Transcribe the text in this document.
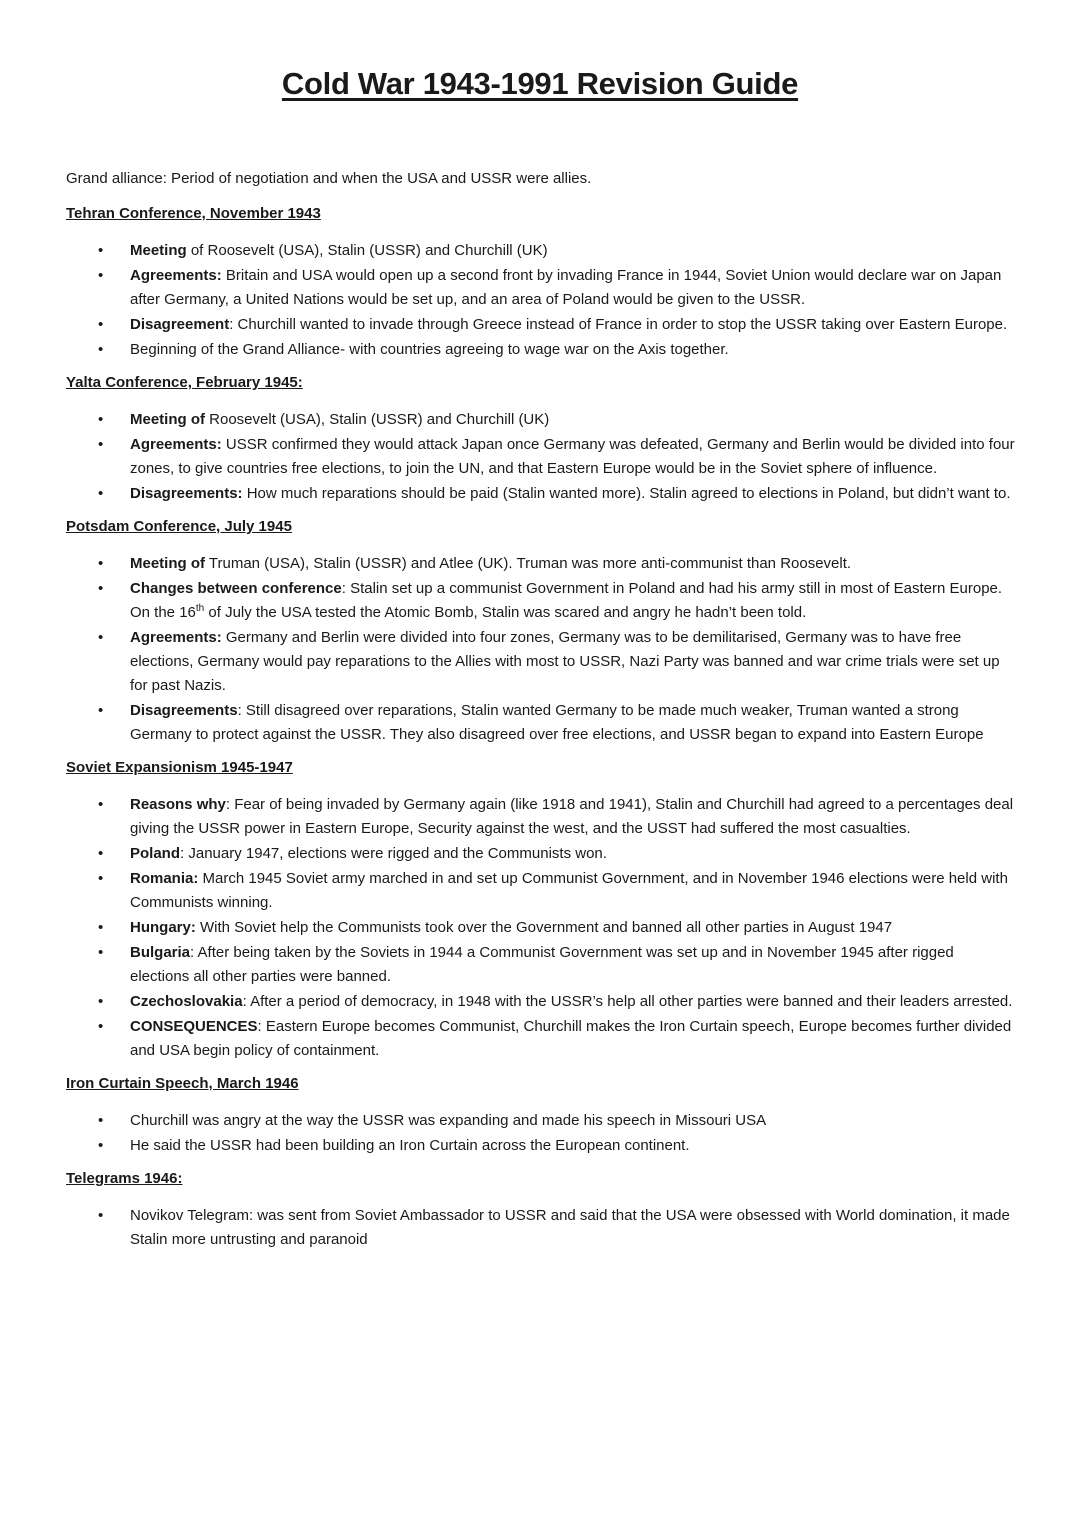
Cold War 1943-1991 Revision Guide

Grand alliance: Period of negotiation and when the USA and USSR were allies.

Tehran Conference, November 1943

• Meeting of Roosevelt (USA), Stalin (USSR) and Churchill (UK)
• Agreements: Britain and USA would open up a second front by invading France in 1944, Soviet Union would declare war on Japan after Germany, a United Nations would be set up, and an area of Poland would be given to the USSR.
• Disagreement: Churchill wanted to invade through Greece instead of France in order to stop the USSR taking over Eastern Europe.
• Beginning of the Grand Alliance- with countries agreeing to wage war on the Axis together.

Yalta Conference, February 1945:

• Meeting of Roosevelt (USA), Stalin (USSR) and Churchill (UK)
• Agreements: USSR confirmed they would attack Japan once Germany was defeated, Germany and Berlin would be divided into four zones, to give countries free elections, to join the UN, and that Eastern Europe would be in the Soviet sphere of influence.
• Disagreements: How much reparations should be paid (Stalin wanted more). Stalin agreed to elections in Poland, but didn’t want to.

Potsdam Conference, July 1945

• Meeting of Truman (USA), Stalin (USSR) and Atlee (UK). Truman was more anti-communist than Roosevelt.
• Changes between conference: Stalin set up a communist Government in Poland and had his army still in most of Eastern Europe. On the 16th of July the USA tested the Atomic Bomb, Stalin was scared and angry he hadn’t been told.
• Agreements: Germany and Berlin were divided into four zones, Germany was to be demilitarised, Germany was to have free elections, Germany would pay reparations to the Allies with most to USSR, Nazi Party was banned and war crime trials were set up for past Nazis.
• Disagreements: Still disagreed over reparations, Stalin wanted Germany to be made much weaker, Truman wanted a strong Germany to protect against the USSR. They also disagreed over free elections, and USSR began to expand into Eastern Europe

Soviet Expansionism 1945-1947

• Reasons why: Fear of being invaded by Germany again (like 1918 and 1941), Stalin and Churchill had agreed to a percentages deal giving the USSR power in Eastern Europe, Security against the west, and the USST had suffered the most casualties.
• Poland: January 1947, elections were rigged and the Communists won.
• Romania: March 1945 Soviet army marched in and set up Communist Government, and in November 1946 elections were held with Communists winning.
• Hungary: With Soviet help the Communists took over the Government and banned all other parties in August 1947
• Bulgaria: After being taken by the Soviets in 1944 a Communist Government was set up and in November 1945 after rigged elections all other parties were banned.
• Czechoslovakia: After a period of democracy, in 1948 with the USSR’s help all other parties were banned and their leaders arrested.
• CONSEQUENCES: Eastern Europe becomes Communist, Churchill makes the Iron Curtain speech, Europe becomes further divided and USA begin policy of containment.

Iron Curtain Speech, March 1946

• Churchill was angry at the way the USSR was expanding and made his speech in Missouri USA
• He said the USSR had been building an Iron Curtain across the European continent.

Telegrams 1946:

• Novikov Telegram: was sent from Soviet Ambassador to USSR and said that the USA were obsessed with World domination, it made Stalin more untrusting and paranoid
